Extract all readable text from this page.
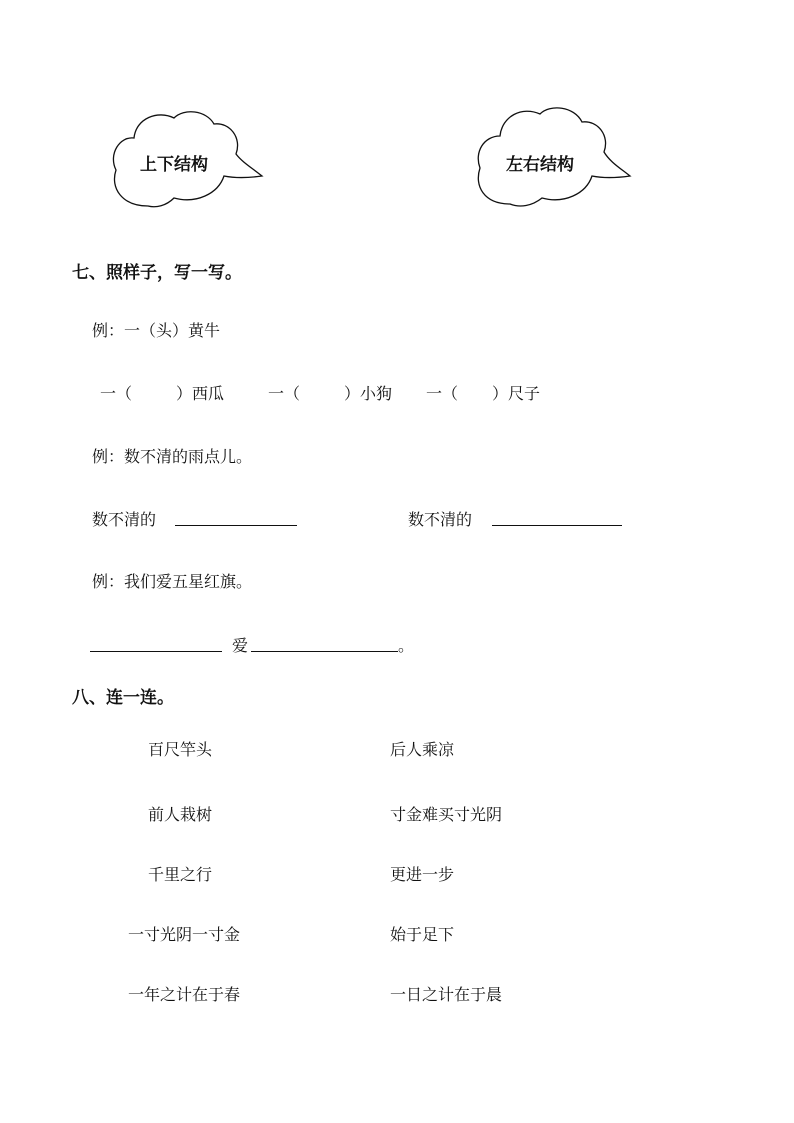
上下结构	左右结构
七、照样子，写一写。
例：一（头）黄牛
一（	）西瓜	一（	）小狗 一（ ）尺子
例：数不清的雨点儿。
数不清的	数不清的
例：我们爱五星红旗。
爱	。
八、连一连。
百尺竿头
前人栽树
千里之行
一寸光阴一寸金
一年之计在于春
后人乘凉
寸金难买寸光阴
更进一步
始于足下
一日之计在于晨
